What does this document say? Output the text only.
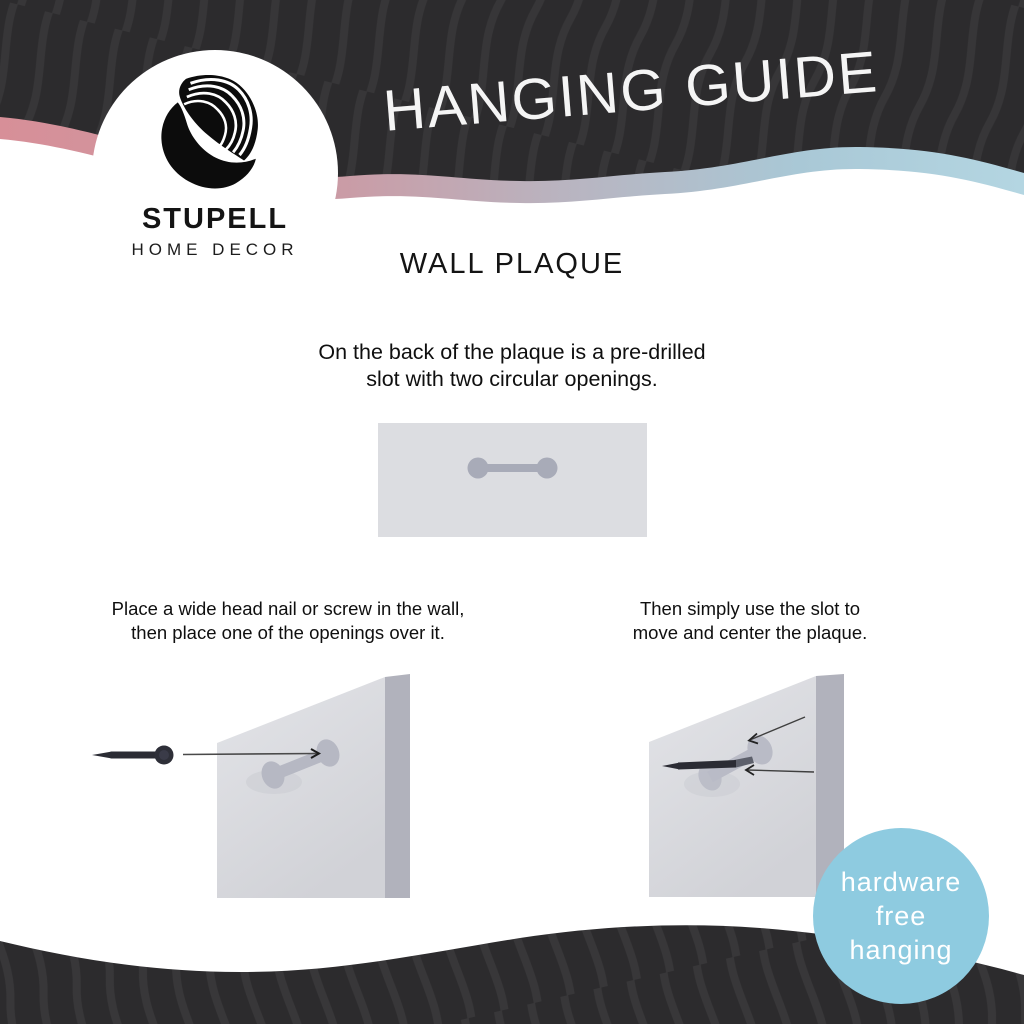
HANGING GUIDE
STUPELL
HOME DECOR	WALL PLAQUE
On the back of the plaque is a pre-drilled
slot with two circular openings.
Place a wide head nail or screw in the wall,
then place one of the openings over it.
Then simply use the slot to
move and center the plaque.
hardware
free
hanging
